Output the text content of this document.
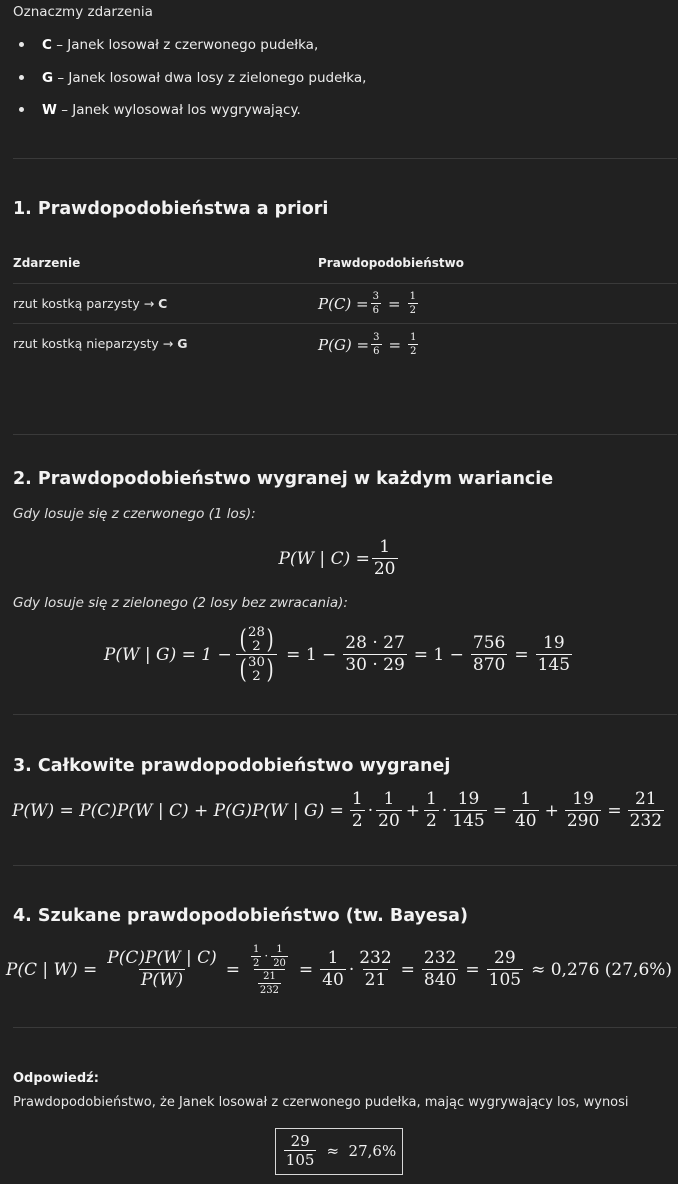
Oznaczmy zdarzenia
C – Janek losował z czerwonego pudełka,
G – Janek losował dwa losy z zielonego pudełka,
W – Janek wylosował los wygrywający.
1. Prawdopodobieństwa a priori
Zdarzenie	Prawdopodobieństwo
rzut kostką parzysty → C	$P(C) = \frac{3}{6} = \frac{1}{2}$
rzut kostką nieparzysty → G	$P(G) = \frac{3}{6} = \frac{1}{2}$
2. Prawdopodobieństwo wygranej w każdym wariancie
Gdy losuje się z czerwonego (1 los):
P(W | $C) = \frac{1}{20}$
Gdy losuje się z zielonego (2 losy bez zwracania):
P(W | G) = 1 − ( 28
2 )
( 30
2 ) = $1 - \frac{28 \cdot 27}{30 \cdot 29} = 1 - \frac{756}{870} = \frac{19}{145}$
3. Całkowite prawdopodobieństwo wygranej
P(W) = P(C)P(W | C) + P(G)P(W | $G) = \frac{1}{2} \cdot \frac{1}{20} + \frac{1}{2} \cdot \frac{19}{145} = \frac{1}{40} + \frac{19}{290} = \frac{21}{232}$
4. Szukane prawdopodobieństwo (tw. Bayesa)
P(C | $W) = \frac{P(C)P(W | C)}{P(W)} = \frac{\frac{1}{2} \cdot \frac{1}{20}}{\frac{21}{232}} = \frac{1}{40} \cdot \frac{232}{21} = \frac{232}{840} = \frac{29}{105} \approx 0,276$ (27,6%)
Odpowiedź:
Prawdopodobieństwo, że Janek losował z czerwonego pudełka, mając wygrywający los, wynosi
$\frac{29}{105} \approx 27,6\%$
